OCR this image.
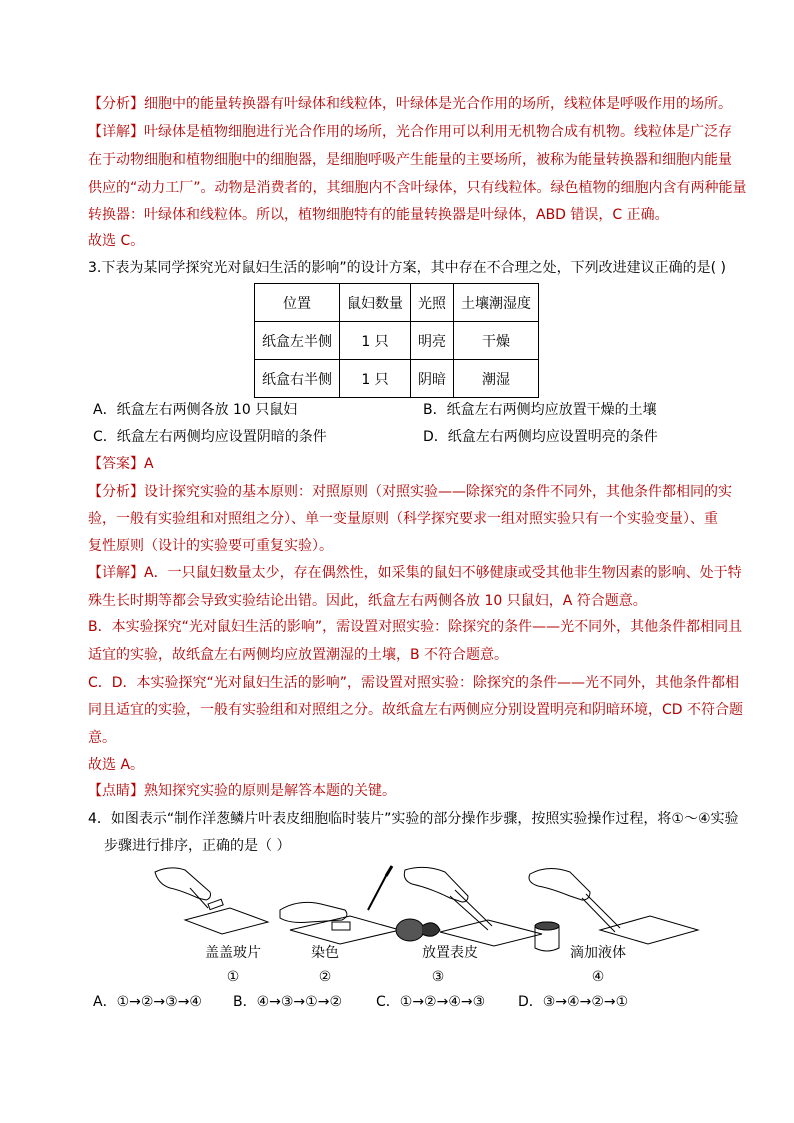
【分析】细胞中的能量转换器有叶绿体和线粒体，叶绿体是光合作用的场所，线粒体是呼吸作用的场所。
【详解】叶绿体是植物细胞进行光合作用的场所，光合作用可以利用无机物合成有机物。线粒体是广泛存
在于动物细胞和植物细胞中的细胞器，是细胞呼吸产生能量的主要场所，被称为能量转换器和细胞内能量
供应的“动力工厂”。动物是消费者的，其细胞内不含叶绿体，只有线粒体。绿色植物的细胞内含有两种能量
转换器：叶绿体和线粒体。所以，植物细胞特有的能量转换器是叶绿体，ABD 错误，C 正确。
故选 C。
3.下表为某同学探究光对鼠妇生活的影响”的设计方案，其中存在不合理之处，下列改进建议正确的是( )
位置	鼠妇数量	光照	土壤潮湿度
纸盒左半侧	1 只	明亮	干燥
纸盒右半侧	1 只	阴暗	潮湿
A．纸盒左右两侧各放 10 只鼠妇	B．纸盒左右两侧均应放置干燥的土壤
C．纸盒左右两侧均应设置阴暗的条件	D．纸盒左右两侧均应设置明亮的条件
【答案】A
【分析】设计探究实验的基本原则：对照原则（对照实验——除探究的条件不同外，其他条件都相同的实
验，一般有实验组和对照组之分）、单一变量原则（科学探究要求一组对照实验只有一个实验变量）、重
复性原则（设计的实验要可重复实验）。
【详解】A．一只鼠妇数量太少，存在偶然性，如采集的鼠妇不够健康或受其他非生物因素的影响、处于特
殊生长时期等都会导致实验结论出错。因此，纸盒左右两侧各放 10 只鼠妇，A 符合题意。
B．本实验探究“光对鼠妇生活的影响”，需设置对照实验：除探究的条件——光不同外，其他条件都相同且
适宜的实验，故纸盒左右两侧均应放置潮湿的土壤，B 不符合题意。
C．D．本实验探究“光对鼠妇生活的影响”，需设置对照实验：除探究的条件——光不同外，其他条件都相
同且适宜的实验，一般有实验组和对照组之分。故纸盒左右两侧应分别设置明亮和阴暗环境，CD 不符合题
意。
故选 A。
【点睛】熟知探究实验的原则是解答本题的关键。
4．如图表示“制作洋葱鳞片叶表皮细胞临时装片”实验的部分操作步骤，按照实验操作过程，将①～④实验
步骤进行排序，正确的是（ ）
盖盖玻片
①
染色
②
放置表皮
③
滴加液体
④
A．①→②→③→④ B．④→③→①→② C．①→②→④→③ D．③→④→②→①
